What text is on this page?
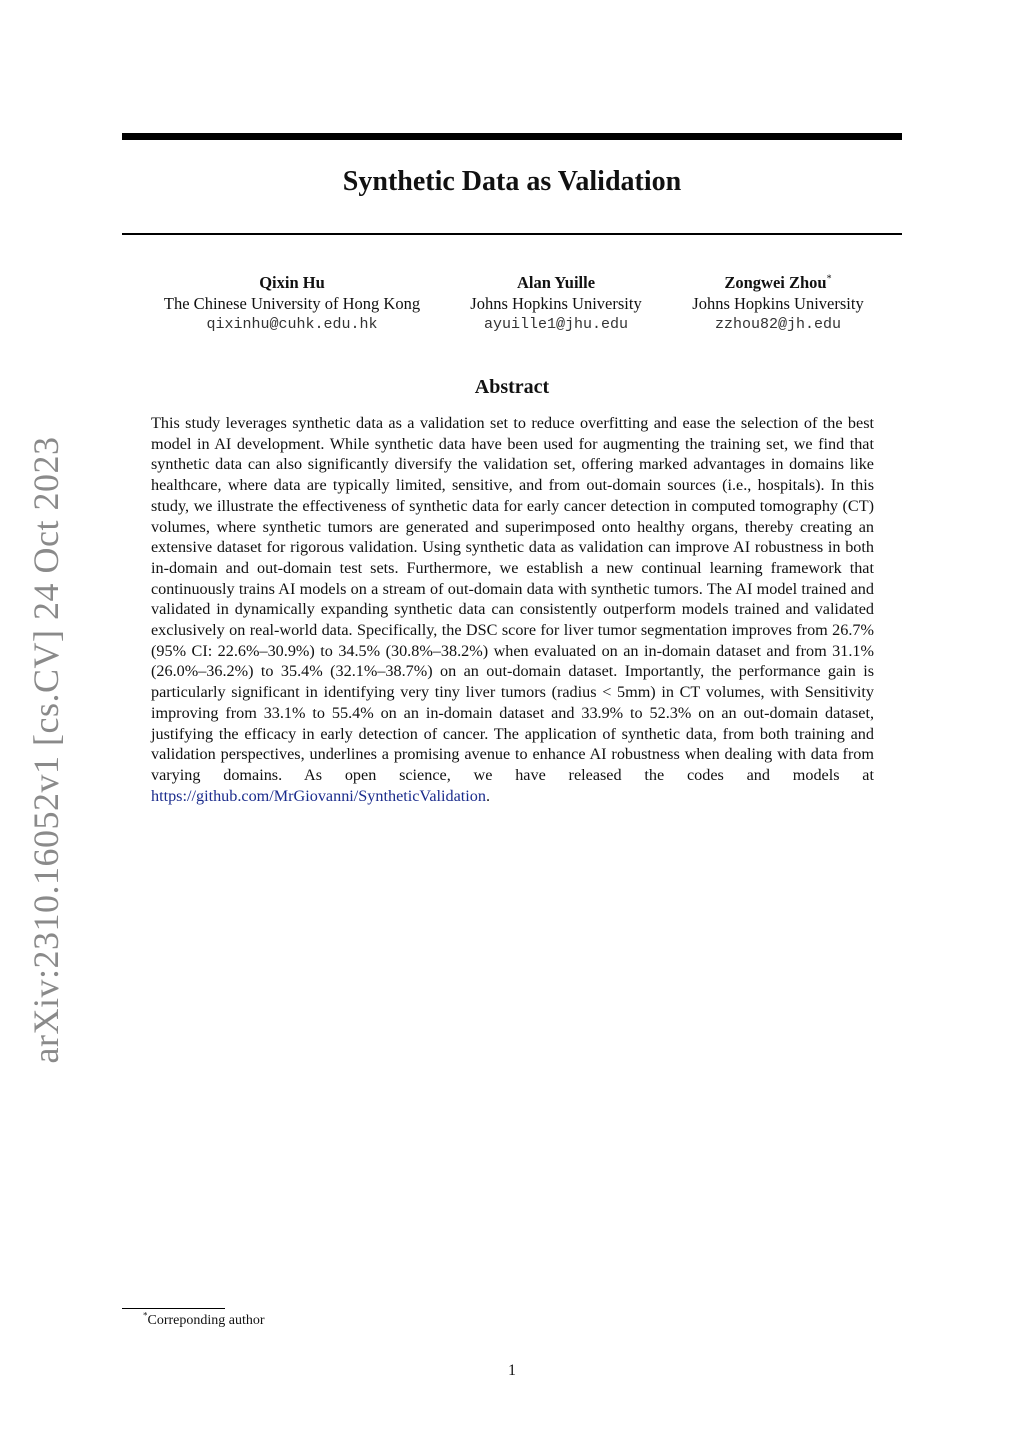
Synthetic Data as Validation
Qixin Hu
The Chinese University of Hong Kong
qixinhu@cuhk.edu.hk
Alan Yuille
Johns Hopkins University
ayuille1@jhu.edu
Zongwei Zhou*
Johns Hopkins University
zzhou82@jh.edu
Abstract

This study leverages synthetic data as a validation set to reduce overfitting and ease the selection of the best model in AI development. While synthetic data have been used for augmenting the training set, we find that synthetic data can also significantly diversify the validation set, offering marked advantages in domains like healthcare, where data are typically limited, sensitive, and from out-domain sources (i.e., hospitals). In this study, we illustrate the effectiveness of synthetic data for early cancer detection in computed tomography (CT) volumes, where synthetic tumors are generated and superimposed onto healthy organs, thereby creating an extensive dataset for rigorous validation. Using synthetic data as validation can improve AI robustness in both in-domain and out-domain test sets. Furthermore, we establish a new continual learning framework that continuously trains AI models on a stream of out-domain data with synthetic tumors. The AI model trained and validated in dynamically expanding synthetic data can consistently outperform models trained and validated exclusively on real-world data. Specifically, the DSC score for liver tumor segmentation improves from 26.7% (95% CI: 22.6%–30.9%) to 34.5% (30.8%–38.2%) when evaluated on an in-domain dataset and from 31.1% (26.0%–36.2%) to 35.4% (32.1%–38.7%) on an out-domain dataset. Importantly, the performance gain is particularly significant in identifying very tiny liver tumors (radius < 5mm) in CT volumes, with Sensitivity improving from 33.1% to 55.4% on an in-domain dataset and 33.9% to 52.3% on an out-domain dataset, justifying the efficacy in early detection of cancer. The application of synthetic data, from both training and validation perspectives, underlines a promising avenue to enhance AI robustness when dealing with data from varying domains. As open science, we have released the codes and models at https://github.com/MrGiovanni/SyntheticValidation.

arXiv:2310.16052v1 [cs.CV] 24 Oct 2023
*Correponding author
1
